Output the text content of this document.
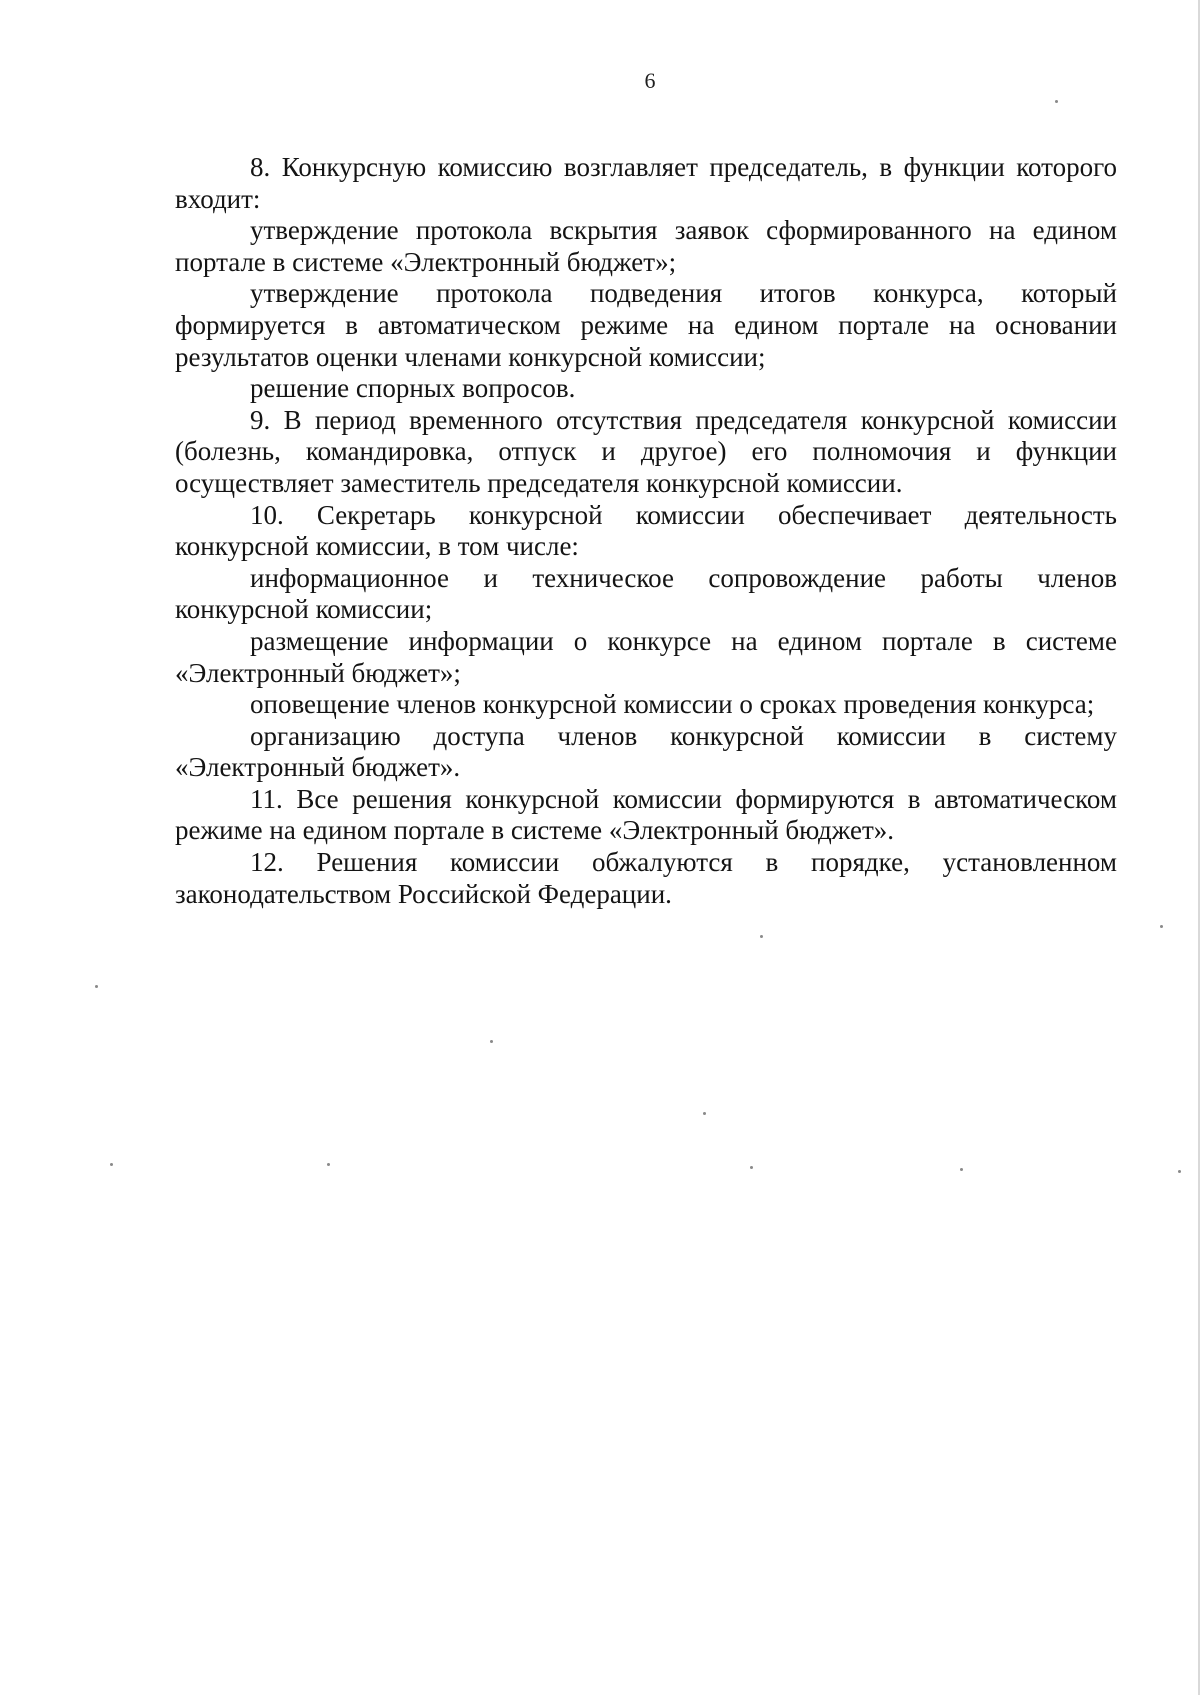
6

8. Конкурсную комиссию возглавляет председатель, в функции которого входит:

утверждение протокола вскрытия заявок сформированного на едином портале в системе «Электронный бюджет»;

утверждение протокола подведения итогов конкурса, который формируется в автоматическом режиме на едином портале на основании результатов оценки членами конкурсной комиссии;

решение спорных вопросов.

9. В период временного отсутствия председателя конкурсной комиссии (болезнь, командировка, отпуск и другое) его полномочия и функции осуществляет заместитель председателя конкурсной комиссии.

10. Секретарь конкурсной комиссии обеспечивает деятельность конкурсной комиссии, в том числе:

информационное и техническое сопровождение работы членов конкурсной комиссии;

размещение информации о конкурсе на едином портале в системе «Электронный бюджет»;

оповещение членов конкурсной комиссии о сроках проведения конкурса;

организацию доступа членов конкурсной комиссии в систему «Электронный бюджет».

11. Все решения конкурсной комиссии формируются в автоматическом режиме на едином портале в системе «Электронный бюджет».

12. Решения комиссии обжалуются в порядке, установленном законодательством Российской Федерации.
